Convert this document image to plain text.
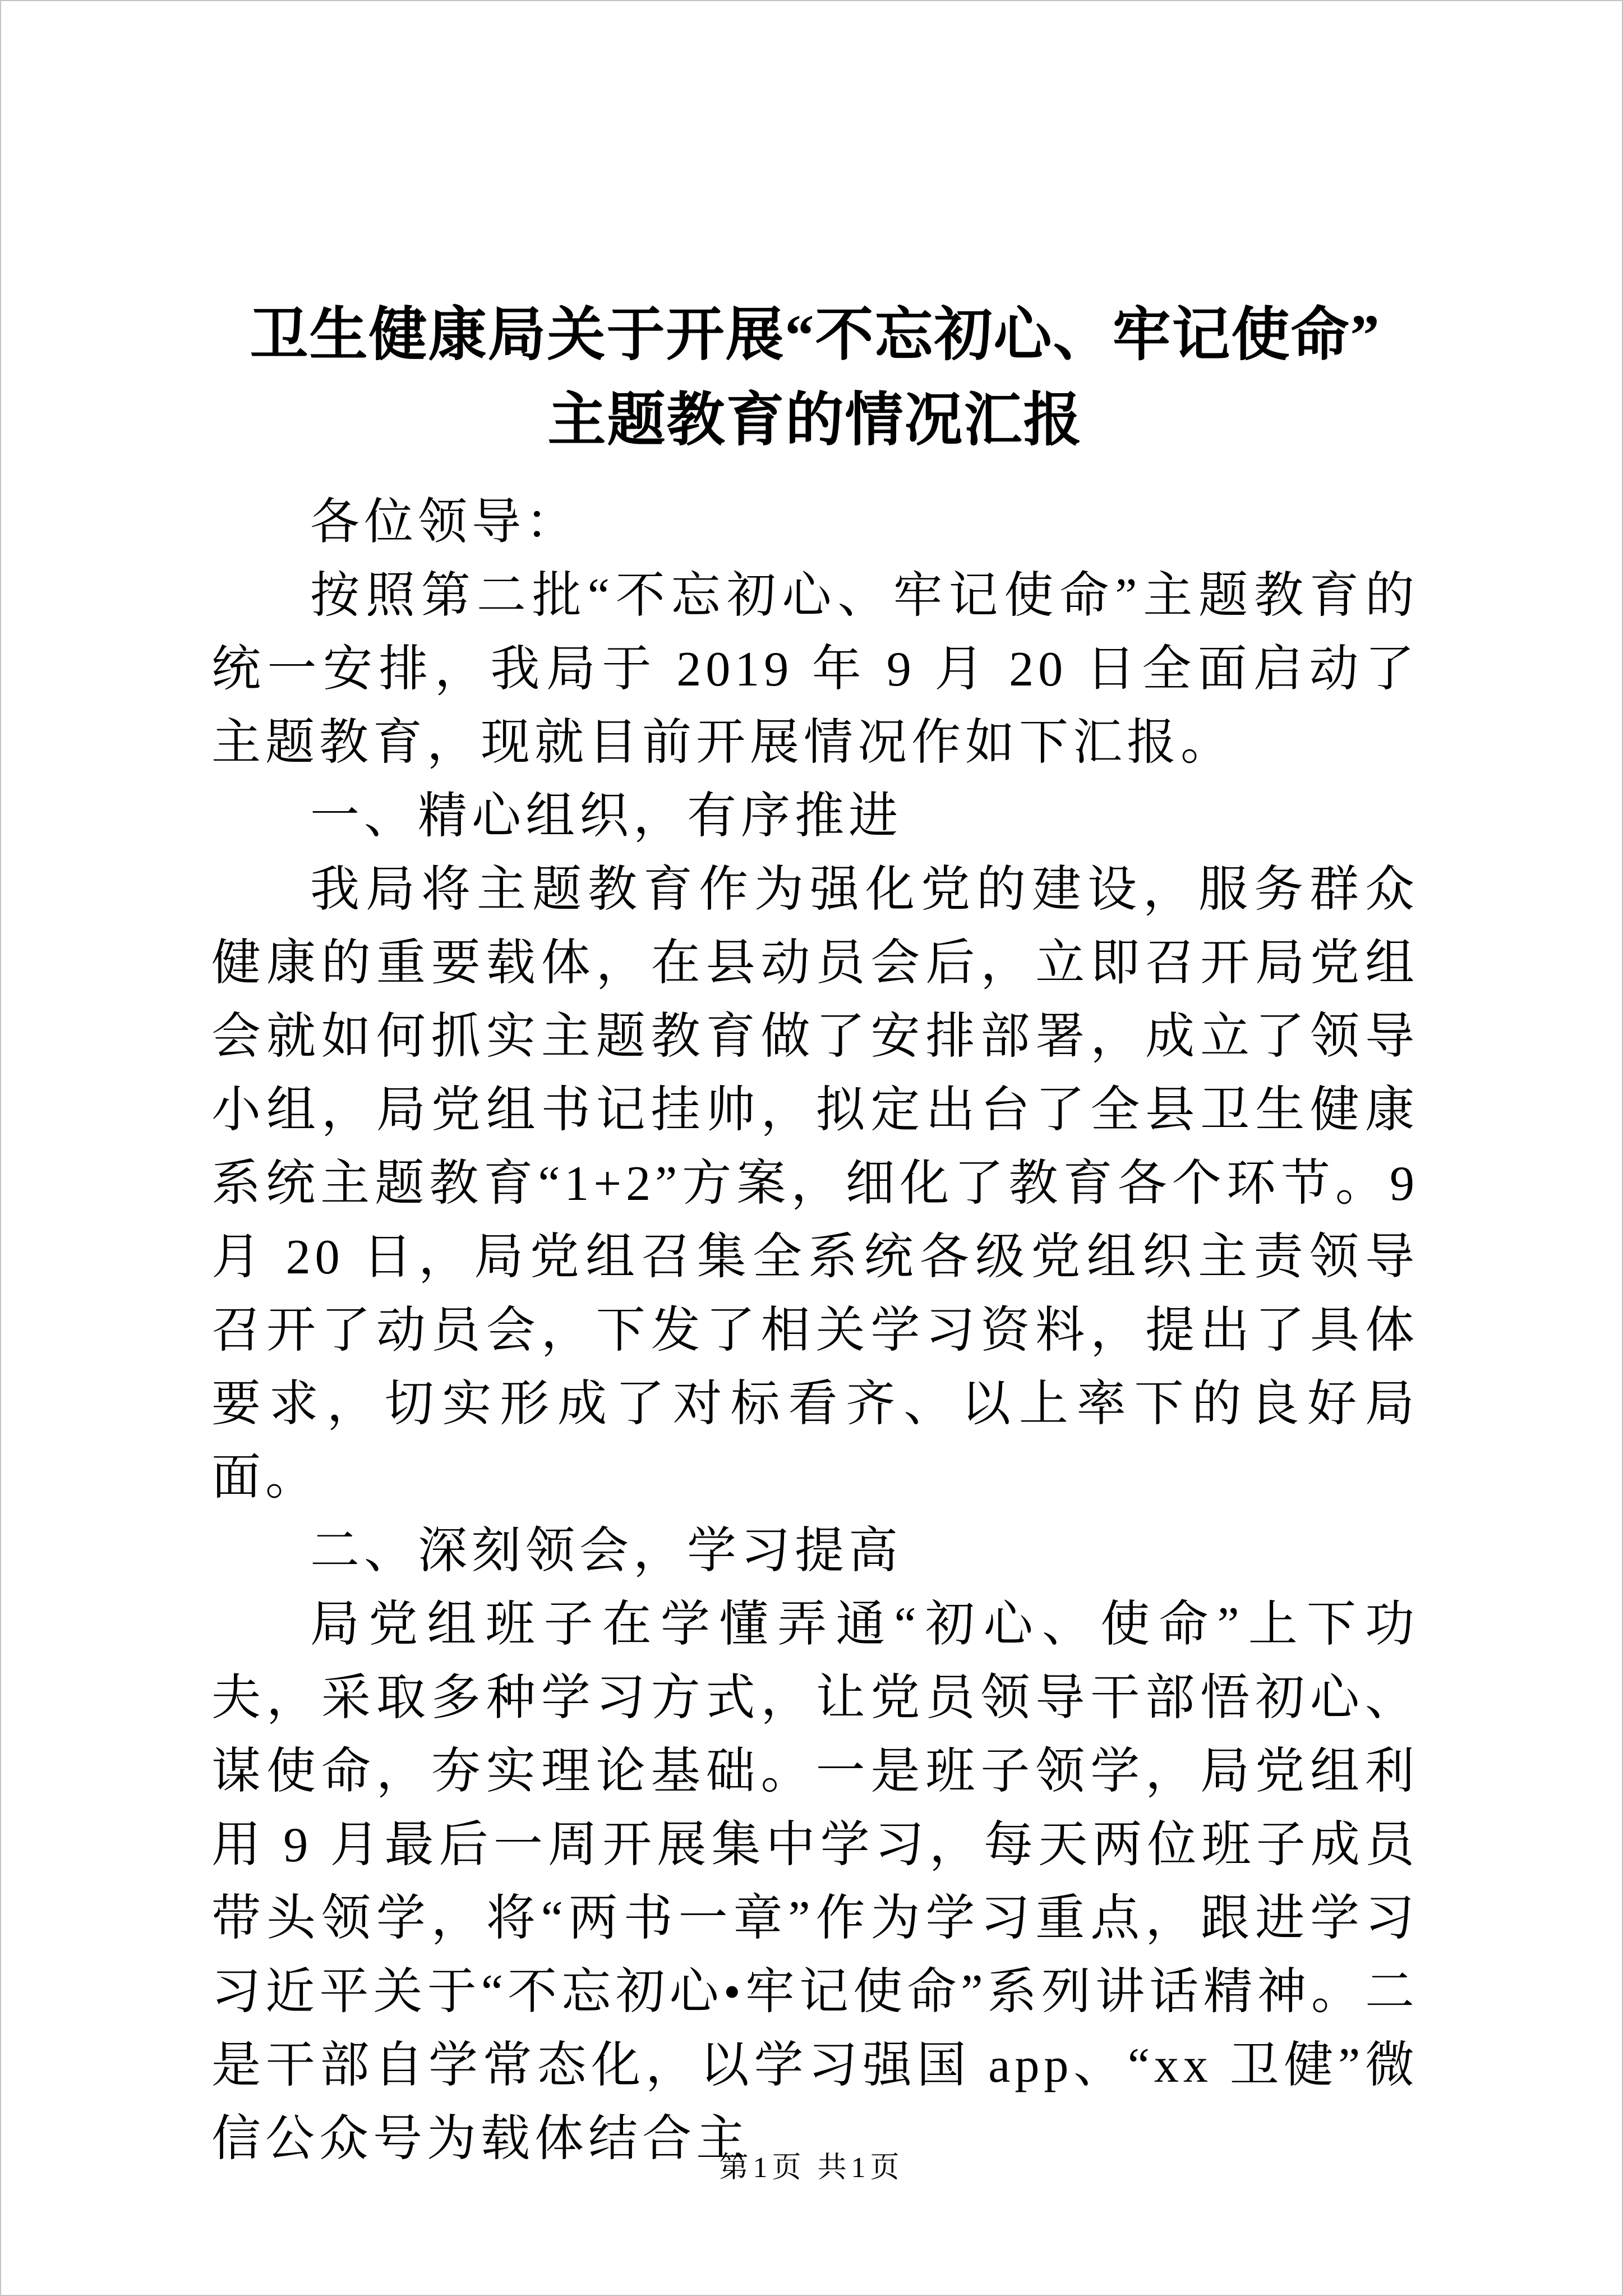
卫生健康局关于开展“不忘初心、牢记使命”
主题教育的情况汇报

各位领导：

按照第二批“不忘初心、牢记使命”主题教育的统一安排，我局于 2019 年 9 月 20 日全面启动了主题教育，现就目前开展情况作如下汇报。

一、精心组织，有序推进

我局将主题教育作为强化党的建设，服务群众健康的重要载体，在县动员会后，立即召开局党组会就如何抓实主题教育做了安排部署，成立了领导小组，局党组书记挂帅，拟定出台了全县卫生健康系统主题教育“1+2”方案，细化了教育各个环节。9 月 20 日，局党组召集全系统各级党组织主责领导召开了动员会，下发了相关学习资料，提出了具体要求，切实形成了对标看齐、以上率下的良好局面。

二、深刻领会，学习提高

局党组班子在学懂弄通“初心、使命”上下功夫，采取多种学习方式，让党员领导干部悟初心、谋使命，夯实理论基础。一是班子领学，局党组利用 9 月最后一周开展集中学习，每天两位班子成员带头领学，将“两书一章”作为学习重点，跟进学习习近平关于“不忘初心•牢记使命”系列讲话精神。二是干部自学常态化，以学习强国 app、“xx 卫健”微信公众号为载体结合主

第1页 共1页
